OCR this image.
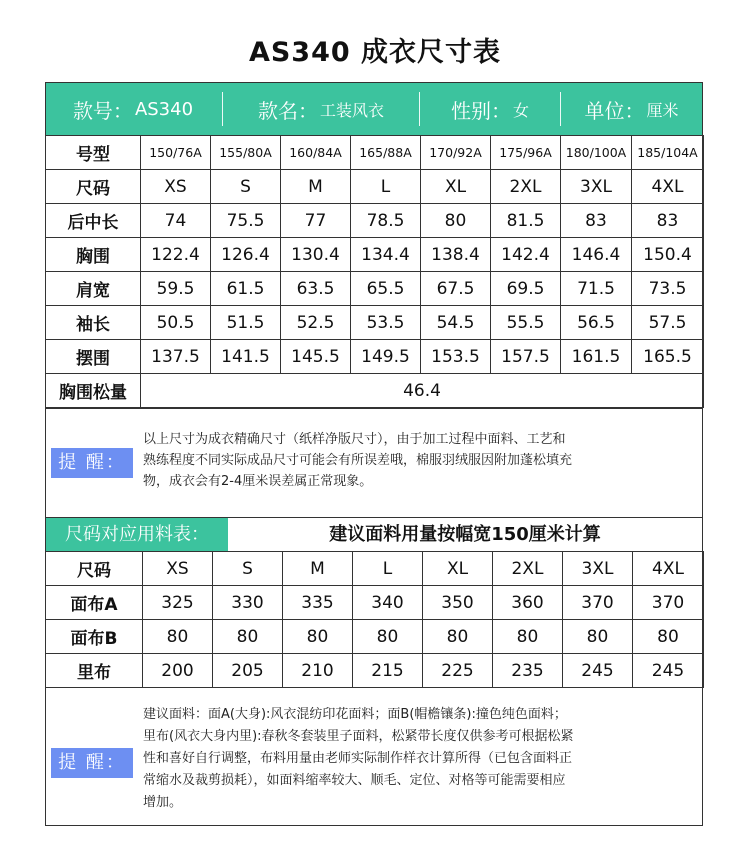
AS340 成衣尺寸表
款号： AS340	款名： 工装风衣	性别： 女	单位： 厘米
号型	150/76A	155/80A	160/84A	165/88A	170/92A	175/96A	180/100A	185/104A
尺码	XS	S	M	L	XL	2XL	3XL	4XL
后中长	74	75.5	77	78.5	80	81.5	83	83
胸围	122.4	126.4	130.4	134.4	138.4	142.4	146.4	150.4
肩宽	59.5	61.5	63.5	65.5	67.5	69.5	71.5	73.5
袖长	50.5	51.5	52.5	53.5	54.5	55.5	56.5	57.5
摆围	137.5	141.5	145.5	149.5	153.5	157.5	161.5	165.5
胸围松量	46.4							
提 醒：
以上尺寸为成衣精确尺寸（纸样净版尺寸），由于加工过程中面料、工艺和
熟练程度不同实际成品尺寸可能会有所误差哦，棉服羽绒服因附加蓬松填充
物，成衣会有2-4厘米误差属正常现象。
尺码对应用料表：	建议面料用量按幅宽150厘米计算
尺码	XS	S	M	L	XL	2XL	3XL	4XL
面布A	325	330	335	340	350	360	370	370
面布B	80	80	80	80	80	80	80	80
里布	200	205	210	215	225	235	245	245
提 醒：
建议面料：面A(大身):风衣混纺印花面料；面B(帽檐镶条):撞色纯色面料；
里布(风衣大身内里):春秋冬套装里子面料，松紧带长度仅供参考可根据松紧
性和喜好自行调整，布料用量由老师实际制作样衣计算所得（已包含面料正
常缩水及裁剪损耗），如面料缩率较大、顺毛、定位、对格等可能需要相应
增加。
